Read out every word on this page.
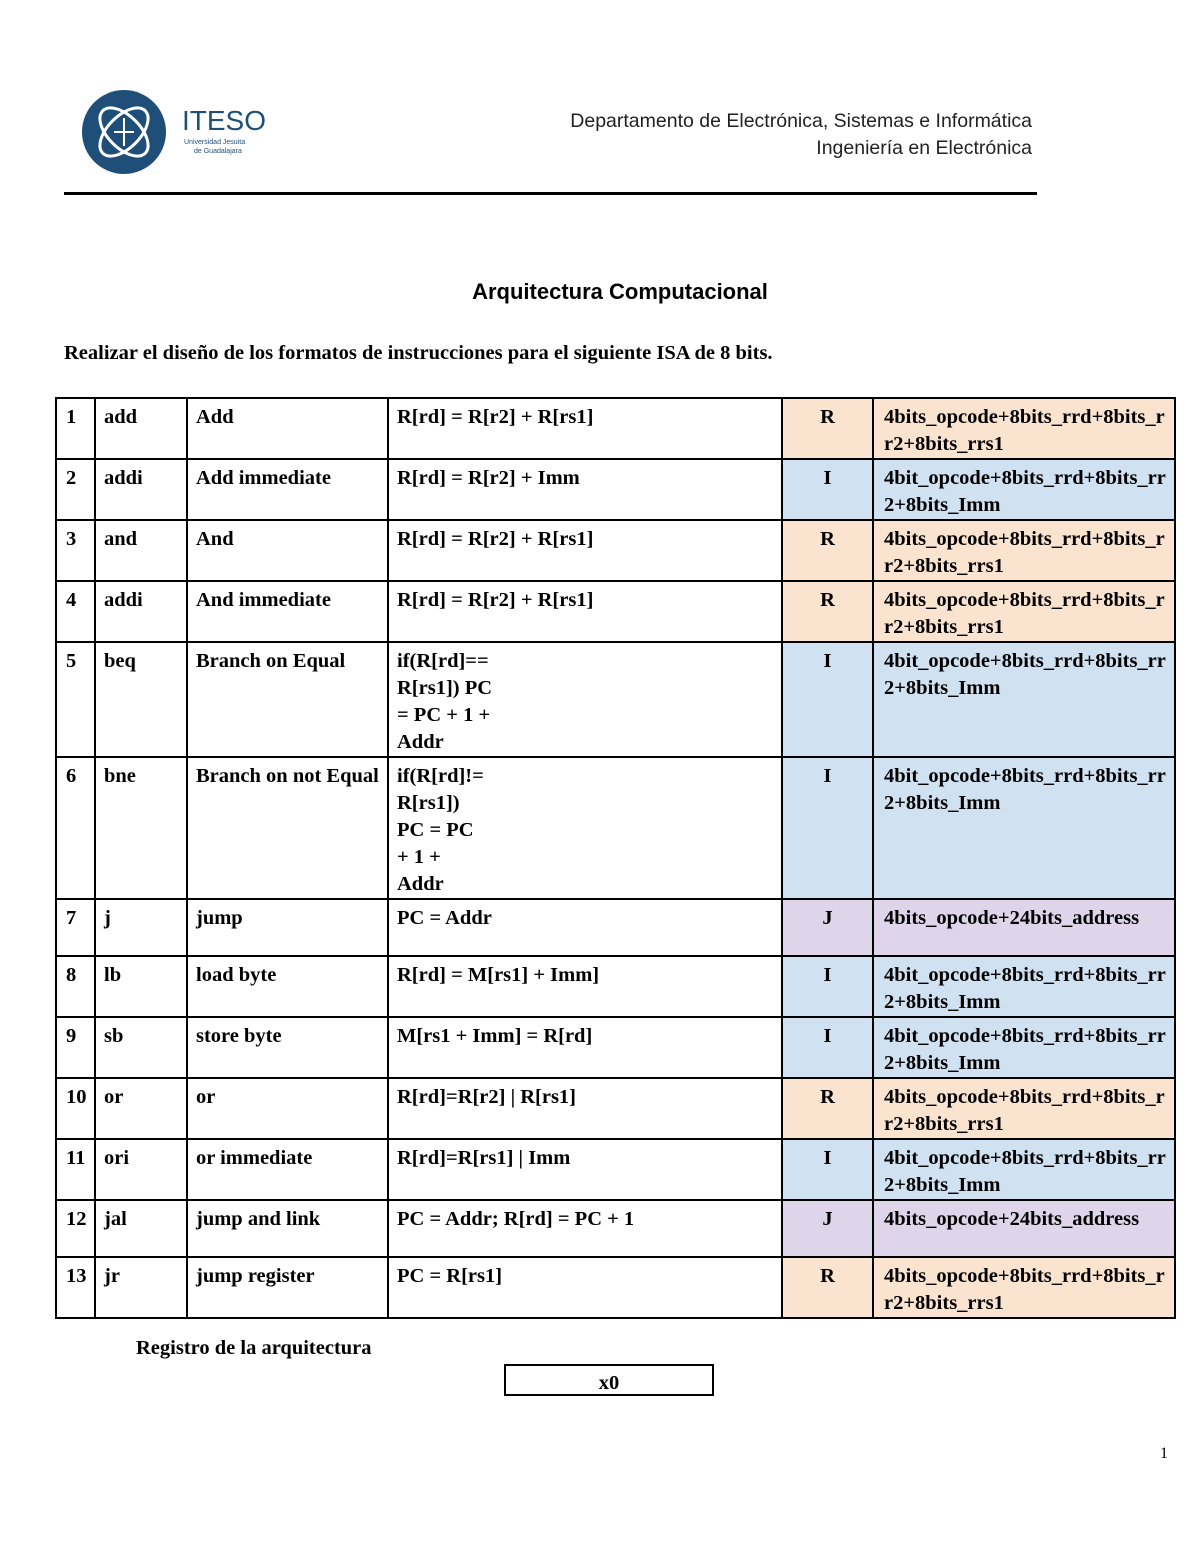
ITESO
Universidad Jesuita
de Guadalajara
Departamento de Electrónica, Sistemas e Informática
Ingeniería en Electrónica
Arquitectura Computacional
Realizar el diseño de los formatos de instrucciones para el siguiente ISA de 8 bits.
1	add	Add	R[rd] = R[r2] + R[rs1]	R	4bits_opcode+8bits_rrd+8bits_rr2+8bits_rrs1
2	addi	Add immediate	R[rd] = R[r2] + Imm	I	4bit_opcode+8bits_rrd+8bits_rr2+8bits_Imm
3	and	And	R[rd] = R[r2] + R[rs1]	R	4bits_opcode+8bits_rrd+8bits_rr2+8bits_rrs1
4	addi	And immediate	R[rd] = R[r2] + R[rs1]	R	4bits_opcode+8bits_rrd+8bits_rr2+8bits_rrs1
5	beq	Branch on Equal	if(R[rd]==
R[rs1]) PC
= PC + 1 +
Addr	I	4bit_opcode+8bits_rrd+8bits_rr2+8bits_Imm
6	bne	Branch on not Equal	if(R[rd]!=
R[rs1])
PC = PC
+ 1 +
Addr	I	4bit_opcode+8bits_rrd+8bits_rr2+8bits_Imm
7	j	jump	PC = Addr	J	4bits_opcode+24bits_address
8	lb	load byte	R[rd] = M[rs1] + Imm]	I	4bit_opcode+8bits_rrd+8bits_rr2+8bits_Imm
9	sb	store byte	M[rs1 + Imm] = R[rd]	I	4bit_opcode+8bits_rrd+8bits_rr2+8bits_Imm
10	or	or	R[rd]=R[r2] | R[rs1]	R	4bits_opcode+8bits_rrd+8bits_rr2+8bits_rrs1
11	ori	or immediate	R[rd]=R[rs1] | Imm	I	4bit_opcode+8bits_rrd+8bits_rr2+8bits_Imm
12	jal	jump and link	PC = Addr; R[rd] = PC + 1	J	4bits_opcode+24bits_address
13	jr	jump register	PC = R[rs1]	R	4bits_opcode+8bits_rrd+8bits_rr2+8bits_rrs1
Registro de la arquitectura
x0
1
